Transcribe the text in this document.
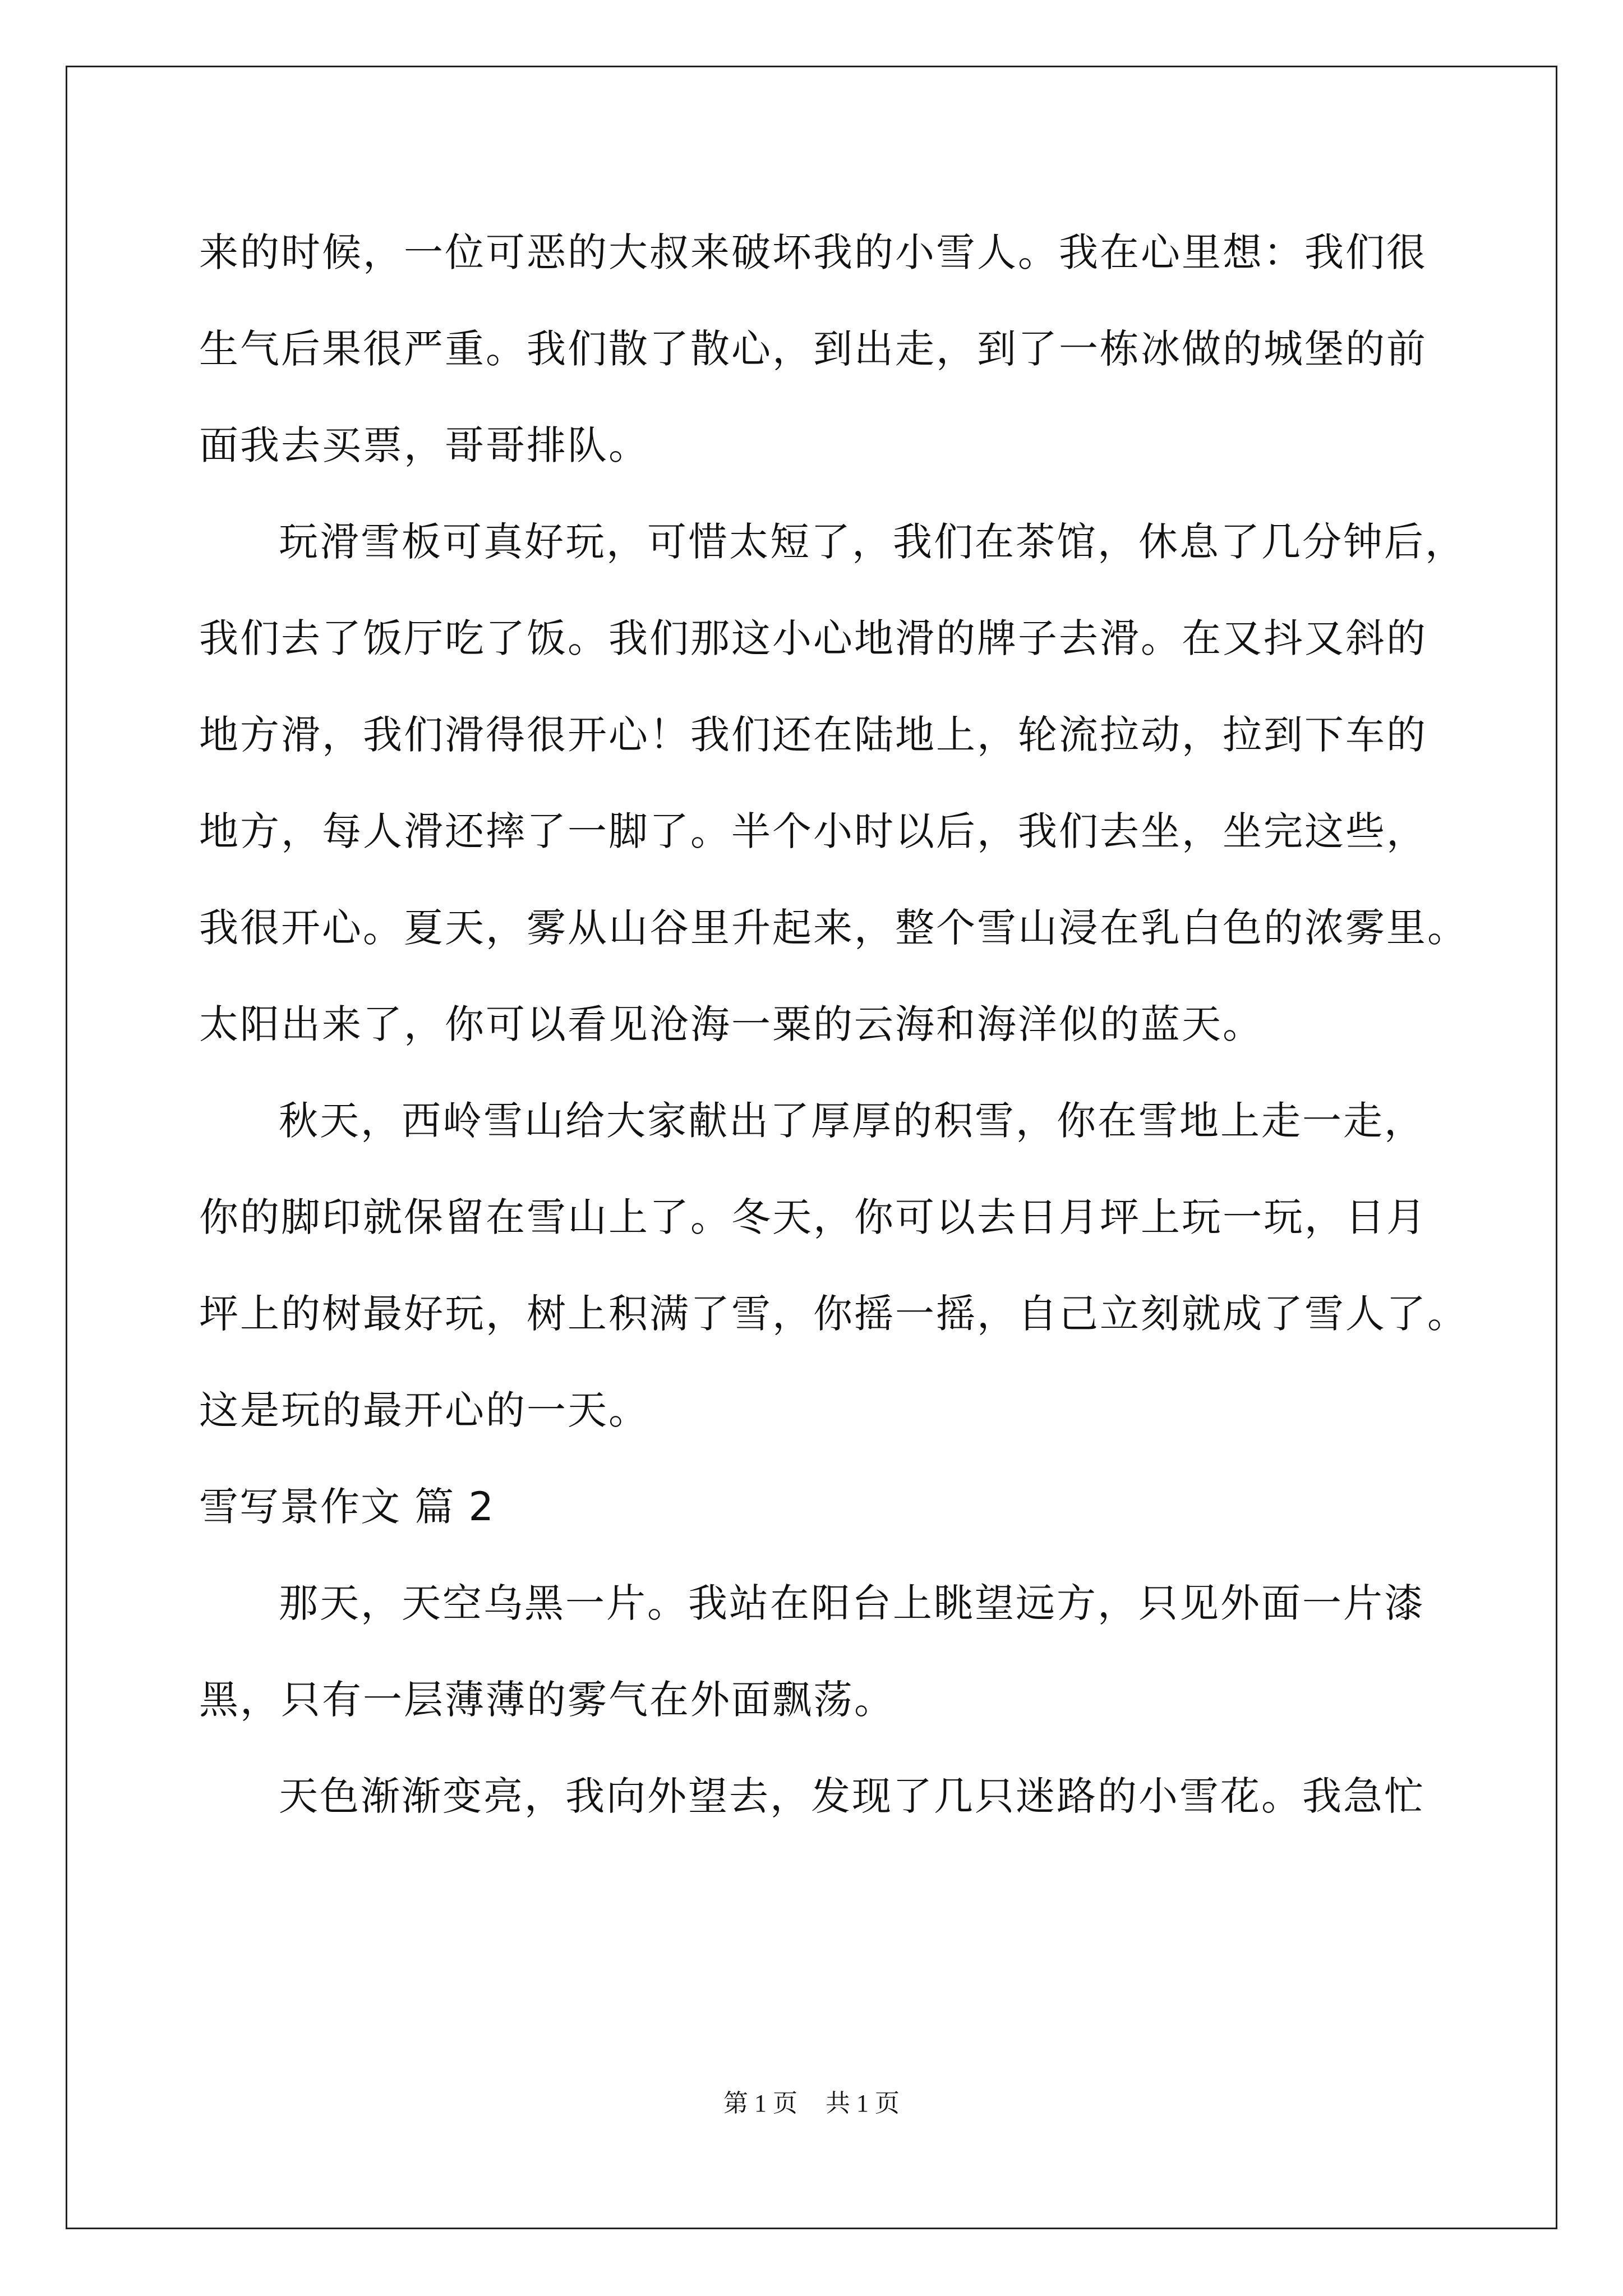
来的时候，一位可恶的大叔来破坏我的小雪人。我在心里想：我们很
生气后果很严重。我们散了散心，到出走，到了一栋冰做的城堡的前
面我去买票，哥哥排队。
玩滑雪板可真好玩，可惜太短了，我们在茶馆，休息了几分钟后，
我们去了饭厅吃了饭。我们那这小心地滑的牌子去滑。在又抖又斜的
地方滑，我们滑得很开心！我们还在陆地上，轮流拉动，拉到下车的
地方，每人滑还摔了一脚了。半个小时以后，我们去坐，坐完这些，
我很开心。夏天，雾从山谷里升起来，整个雪山浸在乳白色的浓雾里。
太阳出来了，你可以看见沧海一粟的云海和海洋似的蓝天。
秋天，西岭雪山给大家献出了厚厚的积雪，你在雪地上走一走，
你的脚印就保留在雪山上了。冬天，你可以去日月坪上玩一玩，日月
坪上的树最好玩，树上积满了雪，你摇一摇，自己立刻就成了雪人了。
这是玩的最开心的一天。
雪写景作文 篇 2
那天，天空乌黑一片。我站在阳台上眺望远方，只见外面一片漆
黑，只有一层薄薄的雾气在外面飘荡。
天色渐渐变亮，我向外望去，发现了几只迷路的小雪花。我急忙
第 1 页 共 1 页
